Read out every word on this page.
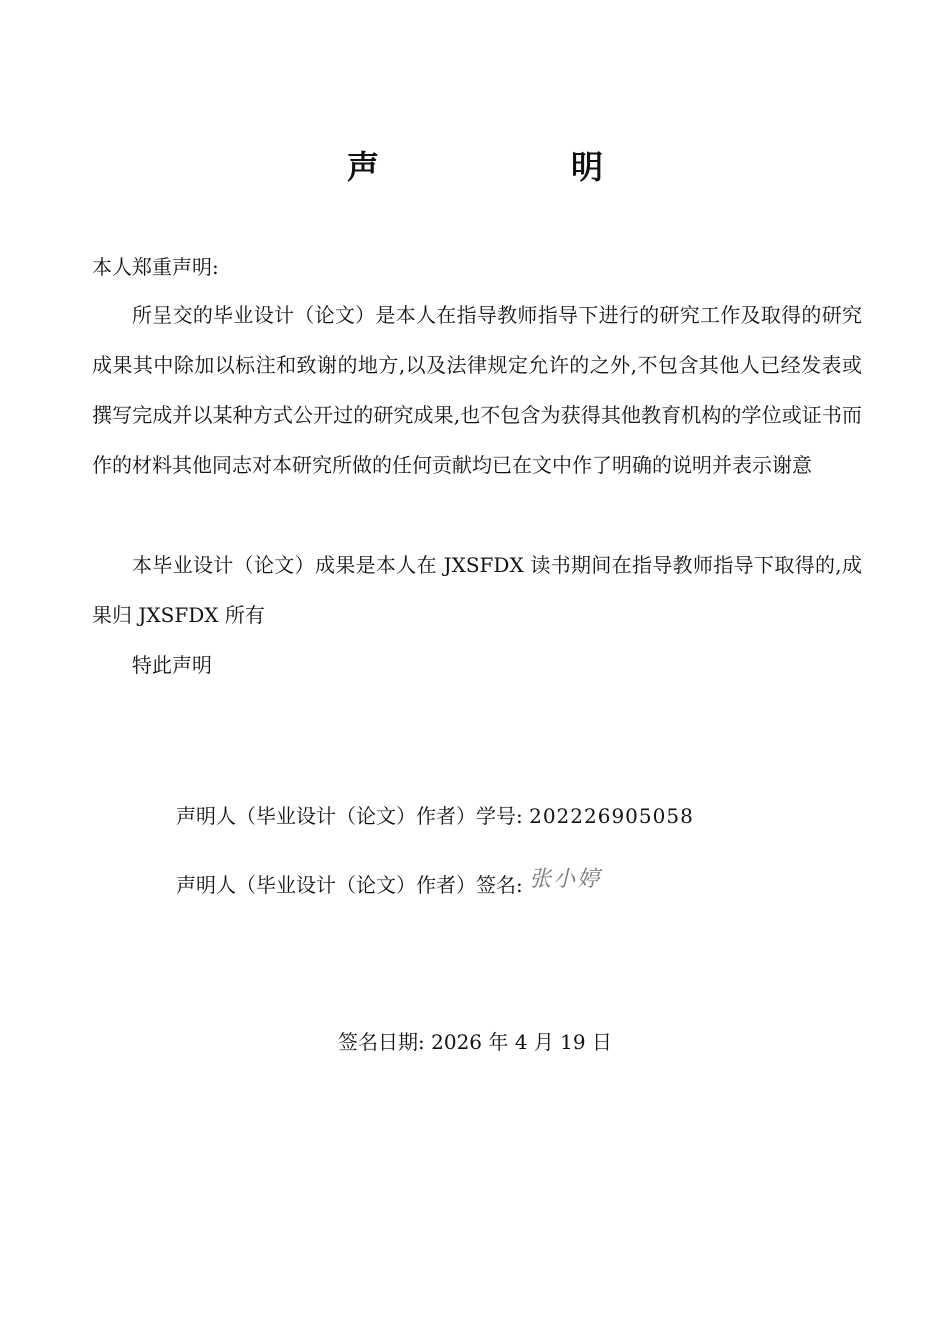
声　明
本人郑重声明:

所呈交的毕业设计（论文）是本人在指导教师指导下进行的研究工作及取得的研究成果其中除加以标注和致谢的地方,以及法律规定允许的之外,不包含其他人已经发表或撰写完成并以某种方式公开过的研究成果,也不包含为获得其他教育机构的学位或证书而作的材料其他同志对本研究所做的任何贡献均已在文中作了明确的说明并表示谢意

本毕业设计（论文）成果是本人在 JXSFDX 读书期间在指导教师指导下取得的,成果归 JXSFDX 所有

特此声明

声明人（毕业设计（论文）作者）学号: 202226905058
声明人（毕业设计（论文）作者）签名: 张小婷
签名日期: 2026 年 4 月 19 日
